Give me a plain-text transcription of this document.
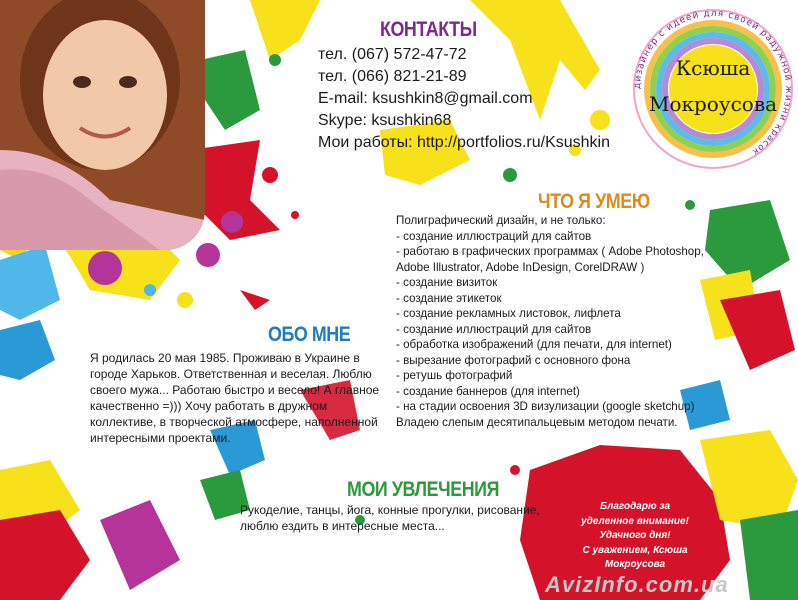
дизайнер с идеей для своей радужной жизни красок
Ксюша
Мокроусова
КОНТАКТЫ
тел. (067) 572-47-72
тел. (066) 821-21-89
E-mail: ksushkin8@gmail.com
Skype: ksushkin68
Мои работы: http://portfolios.ru/Ksushkin
ЧТО Я УМЕЮ
Полиграфический дизайн, и не только:
- создание иллюстраций для сайтов
- работаю в графических программах ( Adobe Photoshop,
Adobe Illustrator, Adobe InDesign, CorelDRAW )
- создание визиток
- создание этикеток
- создание рекламных листовок, лифлета
- создание иллюстраций для сайтов
- обработка изображений (для печати, для internet)
- вырезание фотографий с основного фона
- ретушь фотографий
- создание баннеров (для internet)
- на стадии освоения 3D визулизации (google sketchup)
Владею слепым десятипальцевым методом печати.
ОБО МНЕ
Я родилась 20 мая 1985. Проживаю в Украине в городе Харьков. Ответственная и веселая. Люблю своего мужа... Работаю быстро и весело! А главное качественно =))) Хочу работать в дружном коллективе, в творческой атмосфере, наполненной интересными проектами.
МОИ УВЛЕЧЕНИЯ
Рукоделие, танцы, йога, конные прогулки, рисование, люблю ездить в интересные места...
Благодарю за
уделенное внимание!
Удачного дня!
С уважением, Ксюша
Мокроусова
AvizInfo.com.ua
